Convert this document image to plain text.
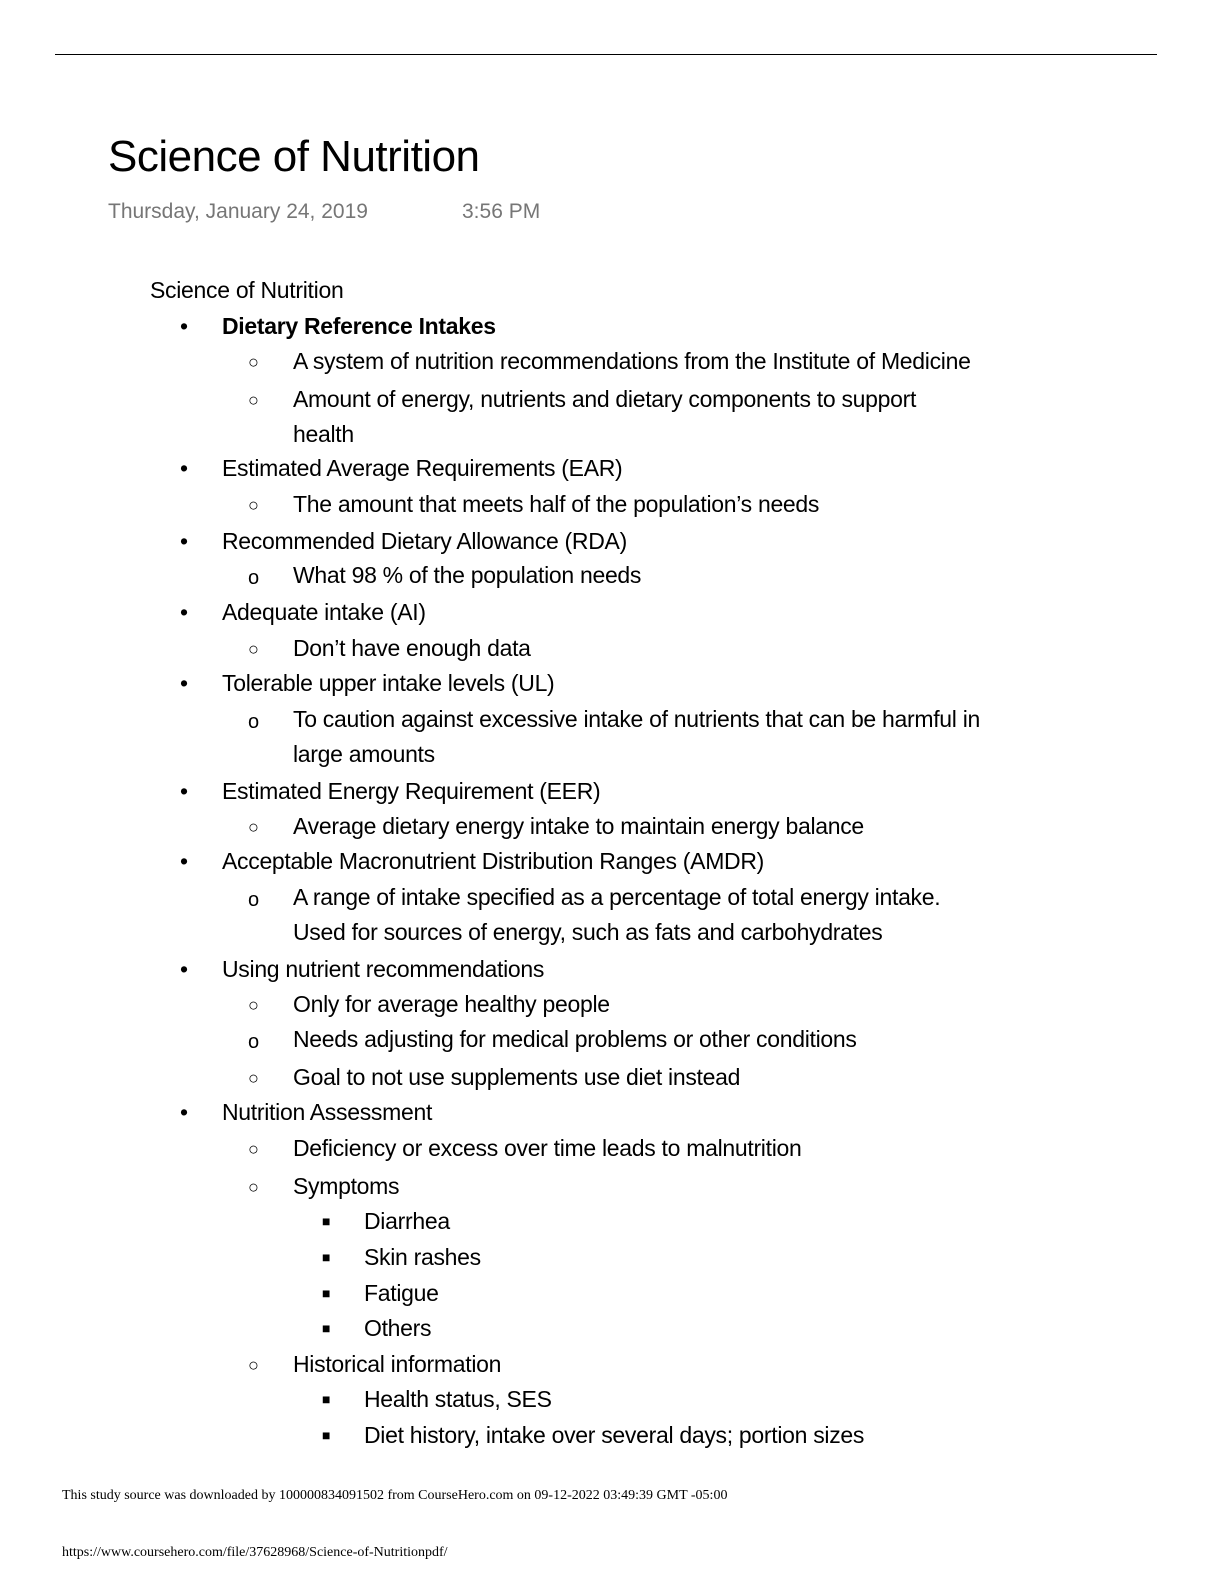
Science of Nutrition
Thursday, January 24, 2019	3:56 PM
Science of Nutrition
• Dietary Reference Intakes
○ A system of nutrition recommendations from the Institute of Medicine
○ Amount of energy, nutrients and dietary components to support
health
• Estimated Average Requirements (EAR)
○ The amount that meets half of the population’s needs
• Recommended Dietary Allowance (RDA)
o What 98 % of the population needs
• Adequate intake (AI)
○ Don’t have enough data
• Tolerable upper intake levels (UL)
o To caution against excessive intake of nutrients that can be harmful in
large amounts
• Estimated Energy Requirement (EER)
○ Average dietary energy intake to maintain energy balance
• Acceptable Macronutrient Distribution Ranges (AMDR)
o A range of intake specified as a percentage of total energy intake.
Used for sources of energy, such as fats and carbohydrates
• Using nutrient recommendations
○ Only for average healthy people
o Needs adjusting for medical problems or other conditions
○ Goal to not use supplements use diet instead
• Nutrition Assessment
○ Deficiency or excess over time leads to malnutrition
○ Symptoms
■ Diarrhea
■ Skin rashes
■ Fatigue
■ Others
○ Historical information
■ Health status, SES
■ Diet history, intake over several days; portion sizes
This study source was downloaded by 100000834091502 from CourseHero.com on 09-12-2022 03:49:39 GMT -05:00
https://www.coursehero.com/file/37628968/Science-of-Nutritionpdf/
